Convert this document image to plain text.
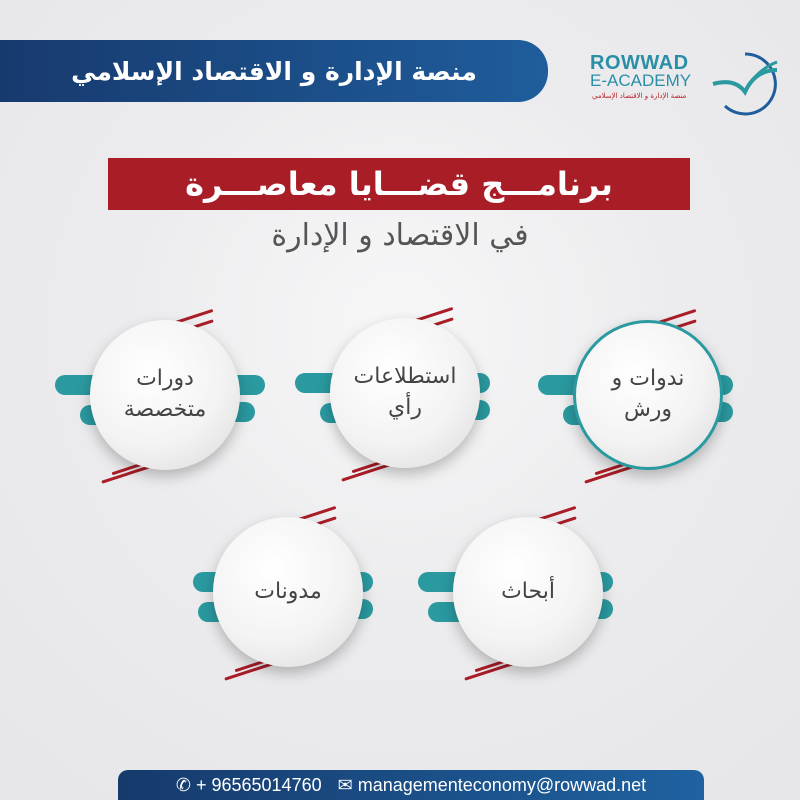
منصة الإدارة و الاقتصاد الإسلامي	ROWWAD
E-ACADEMY
منصة الإدارة و الاقتصاد الإسلامي
برنامـــج قضـــايا معاصـــرة
في الاقتصاد و الإدارة
ندوات و ورش
استطلاعات رأي
دورات متخصصة
أبحاث
مدونات
✆ + 96565014760 ✉ managementeconomy@rowwad.net
